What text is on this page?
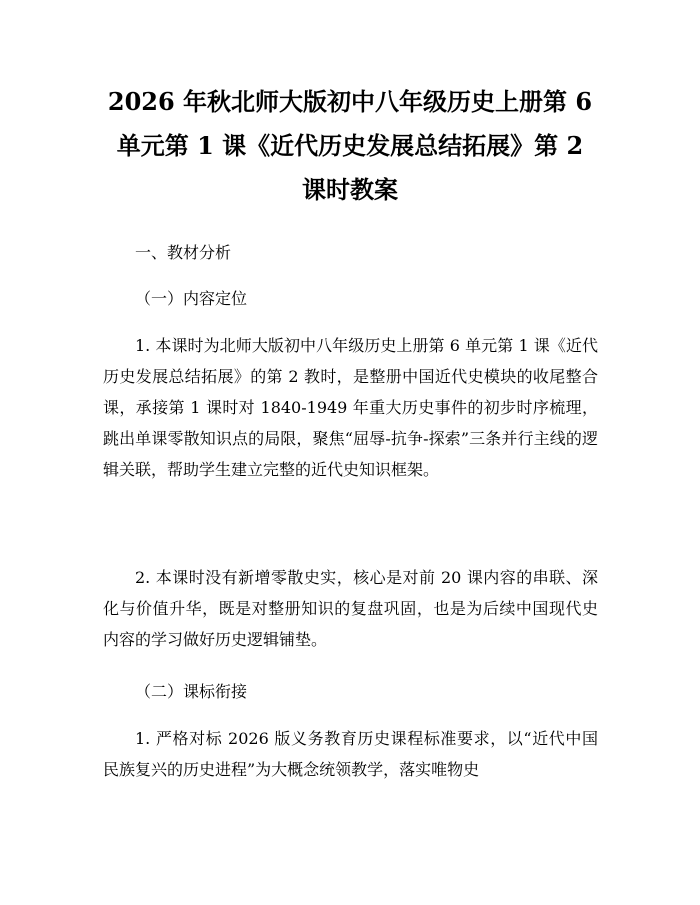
2026 年秋北师大版初中八年级历史上册第 6
单元第 1 课《近代历史发展总结拓展》第 2
课时教案
一、教材分析
（一）内容定位

1. 本课时为北师大版初中八年级历史上册第 6 单元第 1 课《近代历史发展总结拓展》的第 2 教时，是整册中国近代史模块的收尾整合课，承接第 1 课时对 1840-1949 年重大历史事件的初步时序梳理，跳出单课零散知识点的局限，聚焦“屈辱-抗争-探索”三条并行主线的逻辑关联，帮助学生建立完整的近代史知识框架。

2. 本课时没有新增零散史实，核心是对前 20 课内容的串联、深化与价值升华，既是对整册知识的复盘巩固，也是为后续中国现代史内容的学习做好历史逻辑铺垫。

（二）课标衔接

1. 严格对标 2026 版义务教育历史课程标准要求，以“近代中国民族复兴的历史进程”为大概念统领教学，落实唯物史
